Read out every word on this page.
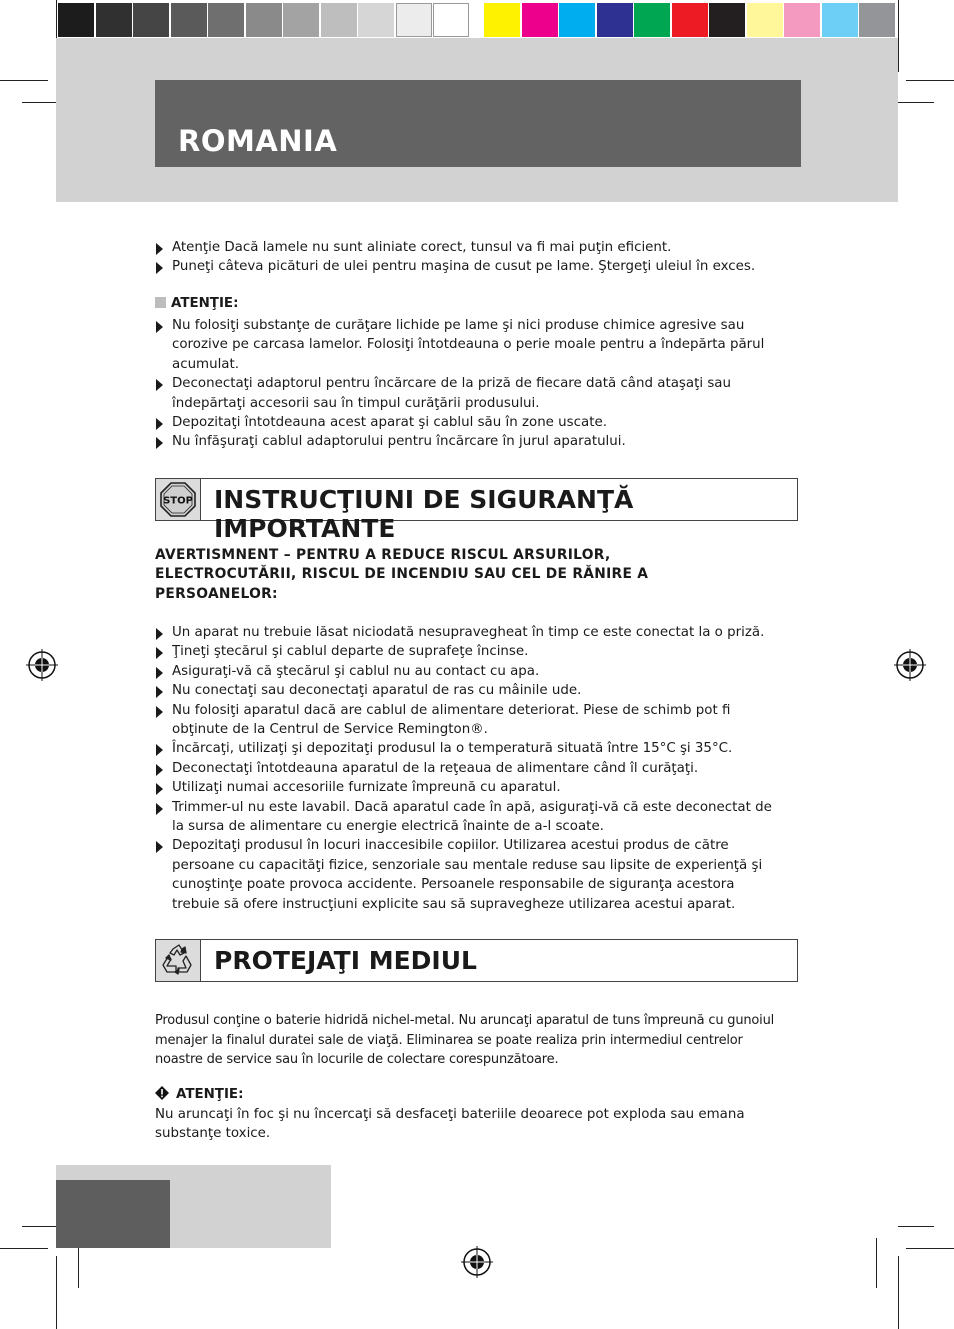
ROMANIA
Atenţie Dacă lamele nu sunt aliniate corect, tunsul va fi mai puţin eficient.
Puneţi câteva picături de ulei pentru maşina de cusut pe lame. Ştergeţi uleiul în exces.
ATENŢIE:
Nu folosiţi substanţe de curăţare lichide pe lame şi nici produse chimice agresive sau corozive pe carcasa lamelor. Folosiţi întotdeauna o perie moale pentru a îndepărta părul acumulat.
Deconectaţi adaptorul pentru încărcare de la priză de fiecare dată când ataşaţi sau îndepărtaţi accesorii sau în timpul curăţării produsului.
Depozitaţi întotdeauna acest aparat şi cablul său în zone uscate.
Nu înfăşuraţi cablul adaptorului pentru încărcare în jurul aparatului.
STOP INSTRUCŢIUNI DE SIGURANŢĂ IMPORTANTE
AVERTISMNENT – PENTRU A REDUCE RISCUL ARSURILOR, ELECTROCUTĂRII, RISCUL DE INCENDIU SAU CEL DE RĂNIRE A PERSOANELOR:
Un aparat nu trebuie lăsat niciodată nesupravegheat în timp ce este conectat la o priză.
Ţineţi ştecărul şi cablul departe de suprafeţe încinse.
Asiguraţi-vă că ştecărul şi cablul nu au contact cu apa.
Nu conectaţi sau deconectaţi aparatul de ras cu mâinile ude.
Nu folosiţi aparatul dacă are cablul de alimentare deteriorat. Piese de schimb pot fi obţinute de la Centrul de Service Remington®.
Încărcaţi, utilizaţi şi depozitaţi produsul la o temperatură situată între 15°C şi 35°C.
Deconectaţi întotdeauna aparatul de la reţeaua de alimentare când îl curăţaţi.
Utilizaţi numai accesoriile furnizate împreună cu aparatul.
Trimmer-ul nu este lavabil. Dacă aparatul cade în apă, asiguraţi-vă că este deconectat de la sursa de alimentare cu energie electrică înainte de a-l scoate.
Depozitaţi produsul în locuri inaccesibile copiilor. Utilizarea acestui produs de către persoane cu capacităţi fizice, senzoriale sau mentale reduse sau lipsite de experienţă şi cunoştinţe poate provoca accidente. Persoanele responsabile de siguranţa acestora trebuie să ofere instrucţiuni explicite sau să supravegheze utilizarea acestui aparat.
PROTEJAŢI MEDIUL
Produsul conţine o baterie hidridă nichel-metal. Nu aruncaţi aparatul de tuns împreună cu gunoiul menajer la finalul duratei sale de viaţă. Eliminarea se poate realiza prin intermediul centrelor noastre de service sau în locurile de colectare corespunzătoare.
ATENŢIE:
Nu aruncaţi în foc şi nu încercaţi să desfaceţi bateriile deoarece pot exploda sau emana substanţe toxice.
